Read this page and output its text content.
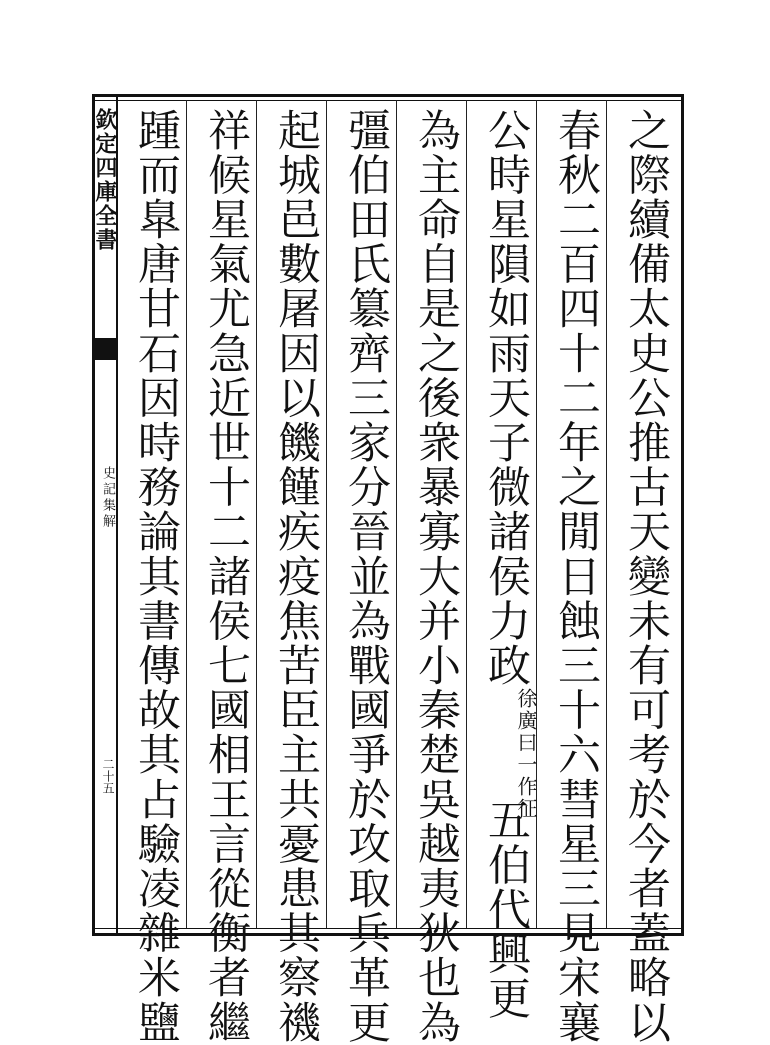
欽定四庫全書
史記集解
二十五	之際續備太史公推古天變未有可考於今者蓋略以
春秋二百四十二年之閒日蝕三十六彗星三見宋襄
公時星隕如雨天子微諸侯力政徐廣曰一作征五伯代興更
為主命自是之後衆暴寡大并小秦楚吳越夷狄也為
彊伯田氏簒齊三家分晉並為戰國爭於攻取兵革更
起城邑數屠因以饑饉疾疫焦苦臣主共憂患其察禨
祥候星氣尤急近世十二諸侯七國相王言從衡者繼
踵而臯唐甘石因時務論其書傳故其占驗凌雜米鹽
